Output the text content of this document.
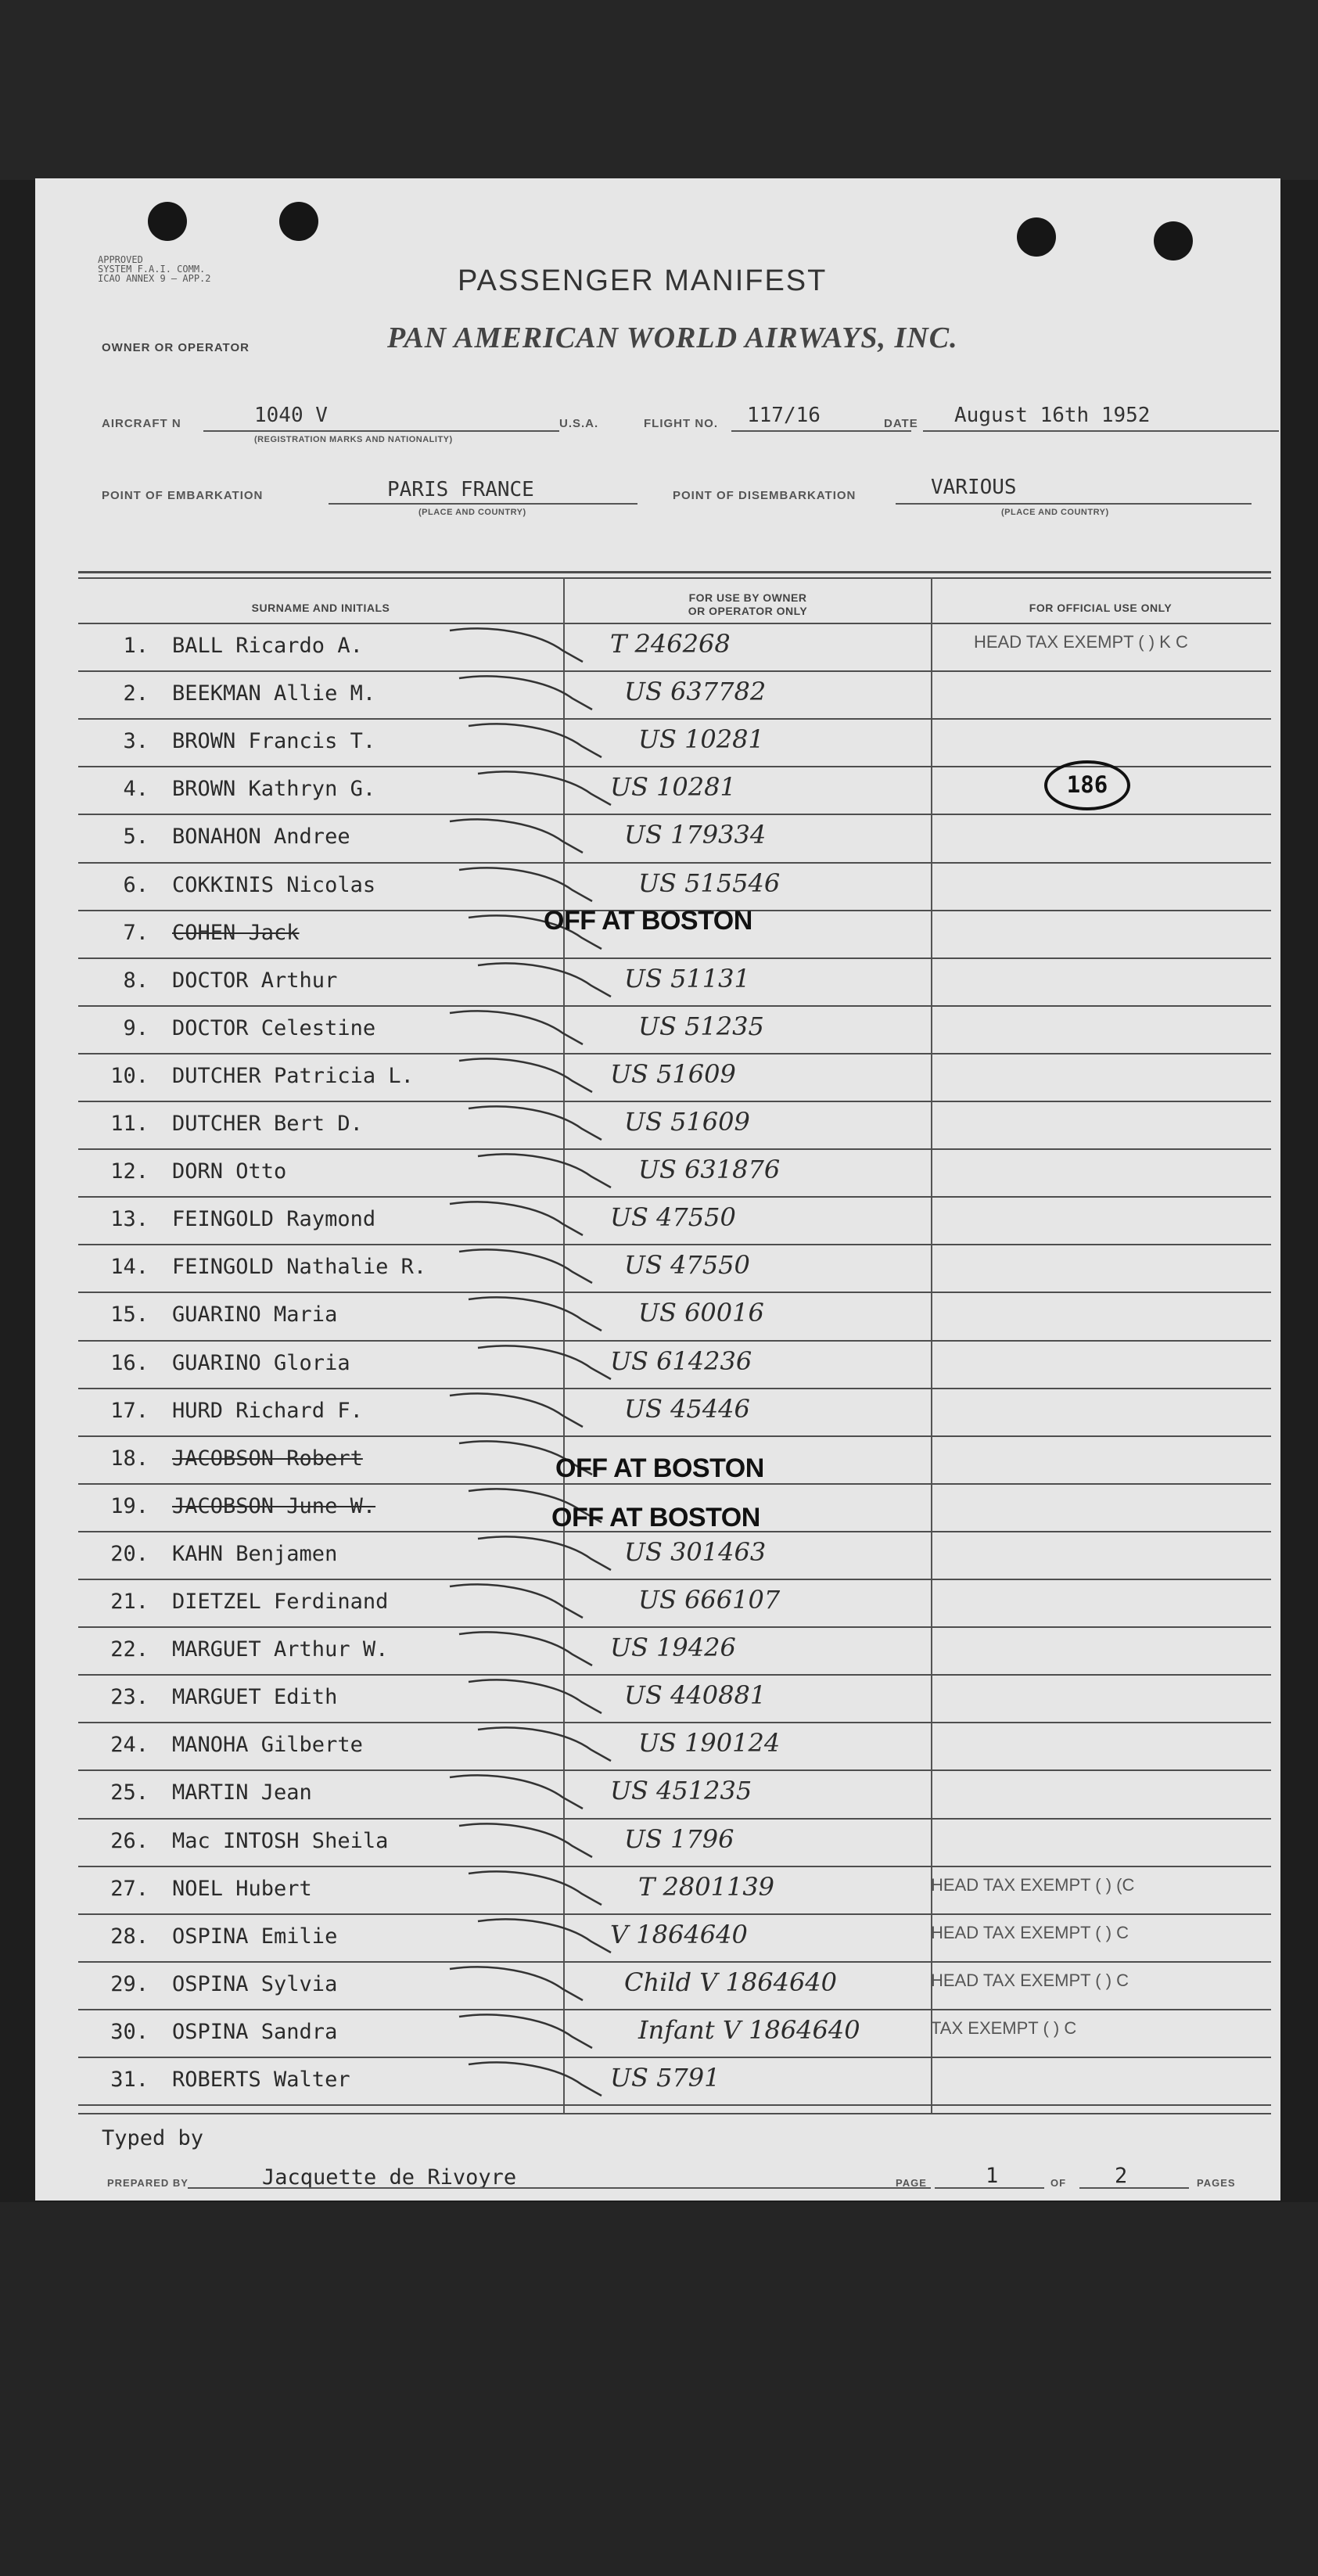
APPROVED
SYSTEM F.A.I. COMM.
ICAO ANNEX 9 — APP.2	PASSENGER MANIFEST
OWNER OR OPERATOR	PAN AMERICAN WORLD AIRWAYS, INC.
AIRCRAFT N	1040 V
(REGISTRATION MARKS AND NATIONALITY)
U.S.A.	FLIGHT NO. 117/16	DATE August 16th 1952
POINT OF EMBARKATION	PARIS FRANCE
(PLACE AND COUNTRY)
POINT OF DISEMBARKATION	VARIOUS
(PLACE AND COUNTRY)
SURNAME AND INITIALS
FOR USE BY OWNER
OR OPERATOR ONLY	FOR OFFICIAL USE ONLY
1. BALL Ricardo A.	T 246268	HEAD TAX EXEMPT ( ) K C
2. BEEKMAN Allie M.	US 637782
3. BROWN Francis T.	US 10281
4. BROWN Kathryn G.	US 10281
5. BONAHON Andree	US 179334
6. COKKINIS Nicolas	US 515546
7. COHEN Jack
8. DOCTOR Arthur	US 51131
9. DOCTOR Celestine	US 51235
10. DUTCHER Patricia L.	US 51609
11. DUTCHER Bert D.	US 51609
12. DORN Otto	US 631876
13. FEINGOLD Raymond	US 47550
14. FEINGOLD Nathalie R.	US 47550
15. GUARINO Maria	US 60016
16. GUARINO Gloria	US 614236
17. HURD Richard F.	US 45446
18. JACOBSON Robert
19. JACOBSON June W.
20. KAHN Benjamen	US 301463
21. DIETZEL Ferdinand	US 666107
22. MARGUET Arthur W.	US 19426
23. MARGUET Edith	US 440881
24. MANOHA Gilberte	US 190124
25. MARTIN Jean	US 451235
26. Mac INTOSH Sheila	US 1796
27. NOEL Hubert	T 2801139	HEAD TAX EXEMPT ( ) (C
28. OSPINA Emilie	V 1864640	HEAD TAX EXEMPT ( ) C
29. OSPINA Sylvia	Child V 1864640	HEAD TAX EXEMPT ( ) C
30. OSPINA Sandra	Infant V 1864640	TAX EXEMPT ( ) C
31. ROBERTS Walter	US 5791
OFF AT BOSTON
OFF AT BOSTON
OFF AT BOSTON
186
Typed by
PREPARED BY	Jacquette de Rivoyre	PAGE	1	OF 2	PAGES
